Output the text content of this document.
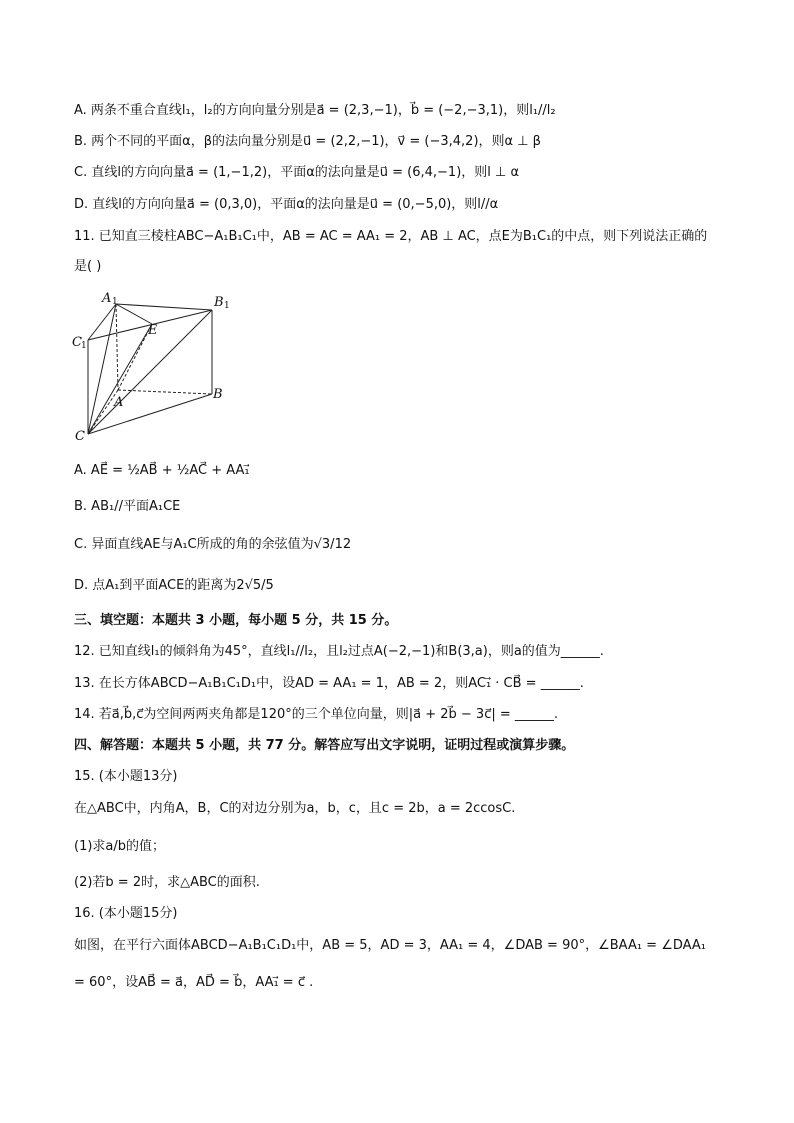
A. 两条不重合直线l₁，l₂的方向向量分别是a⃗ = (2,3,−1)，b⃗ = (−2,−3,1)，则l₁//l₂
B. 两个不同的平面α，β的法向量分别是u⃗ = (2,2,−1)，v⃗ = (−3,4,2)，则α ⊥ β
C. 直线l的方向向量a⃗ = (1,−1,2)，平面α的法向量是u⃗ = (6,4,−1)，则l ⊥ α
D. 直线l的方向向量a⃗ = (0,3,0)，平面α的法向量是u⃗ = (0,−5,0)，则l//α
11. 已知直三棱柱ABC−A₁B₁C₁中，AB = AC = AA₁ = 2，AB ⊥ AC，点E为B₁C₁的中点，则下列说法正确的
是( )
A 1	B 1
C 1
E
A
B
C
A. AE⃗ = ½AB⃗ + ½AC⃗ + AA₁⃗
B. AB₁//平面A₁CE
C. 异面直线AE与A₁C所成的角的余弦值为√3/12
D. 点A₁到平面ACE的距离为2√5/5
三、填空题：本题共 3 小题，每小题 5 分，共 15 分。
12. 已知直线l₁的倾斜角为45°，直线l₁//l₂，且l₂过点A(−2,−1)和B(3,a)，则a的值为______.
13. 在长方体ABCD−A₁B₁C₁D₁中，设AD = AA₁ = 1，AB = 2，则AC₁⃗ · CB⃗ = ______.
14. 若a⃗,b⃗,c⃗为空间两两夹角都是120°的三个单位向量，则|a⃗ + 2b⃗ − 3c⃗| = ______.
四、解答题：本题共 5 小题，共 77 分。解答应写出文字说明，证明过程或演算步骤。
15. (本小题13分)
在△ABC中，内角A，B，C的对边分别为a，b，c，且c = 2b，a = 2ccosC.
(1)求a/b的值；
(2)若b = 2时，求△ABC的面积.
16. (本小题15分)
如图，在平行六面体ABCD−A₁B₁C₁D₁中，AB = 5，AD = 3，AA₁ = 4，∠DAB = 90°，∠BAA₁ = ∠DAA₁
= 60°，设AB⃗ = a⃗，AD⃗ = b⃗，AA₁⃗ = c⃗ .
